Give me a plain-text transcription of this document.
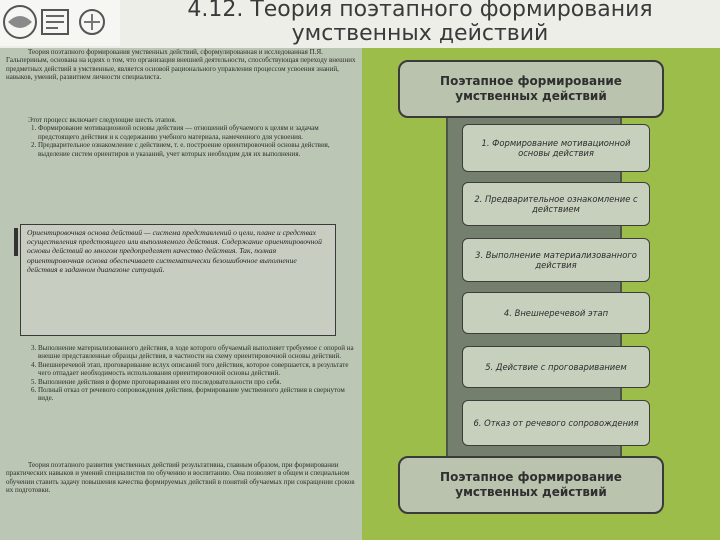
4.12. Теория поэтапного формирования умственных действий

Теория поэтапного формирования умственных действий, сформулированная и исследованная П.Я. Гальпериным, основана на идеях о том, что организация внешней деятельности, способствующая переходу внешних предметных действий в умственные, является основой рационального управления процессом усвоения знаний, навыков, умений, развитием личности специалиста.

Этот процесс включает следующие шесть этапов.
1. Формирование мотивационной основы действия — отношений обучаемого к целям и задачам предстоящего действия и к содержанию учебного материала, намеченного для усвоения.
2. Предварительное ознакомление с действием, т. е. построение ориентировочной основы действия, выделение систем ориентиров и указаний, учет которых необходим для их выполнения.
Ориентировочная основа действий — система представлений о цели, плане и средствах осуществления предстоящего или выполняемого действия. Содержание ориентировочной основы действий во многом предопределяет качество действия. Так, полная ориентировочная основа обеспечивает систематически безошибочное выполнение действия в заданном диапазоне ситуаций.
3. Выполнение материализованного действия, в ходе которого обучаемый выполняет требуемое с опорой на внешне представленные образцы действия, в частности на схему ориентировочной основы действий.
4. Внешнеречевой этап, проговаривание вслух описаний того действия, которое совершается, в результате чего отпадает необходимость использования ориентировочной основы действий.
5. Выполнение действия в форме проговаривания его последовательности про себя.
6. Полный отказ от речевого сопровождения действия, формирование умственного действия в свернутом виде.

Теория поэтапного развития умственных действий результативна, главным образом, при формировании практических навыков и умений специалистов по обучению и воспитанию. Она позволяет в общем и специальном обучении ставить задачу повышения качества формируемых действий в понятий обучаемых при сокращении сроков их подготовки.

Поэтапное формирование умственных действий
1. Формирование мотивационной основы действия
2. Предварительное ознакомление с действием
3. Выполнение материализованного действия
4. Внешнеречевой этап
5. Действие с проговариванием
6. Отказ от речевого сопровождения
Поэтапное формирование умственных действий
